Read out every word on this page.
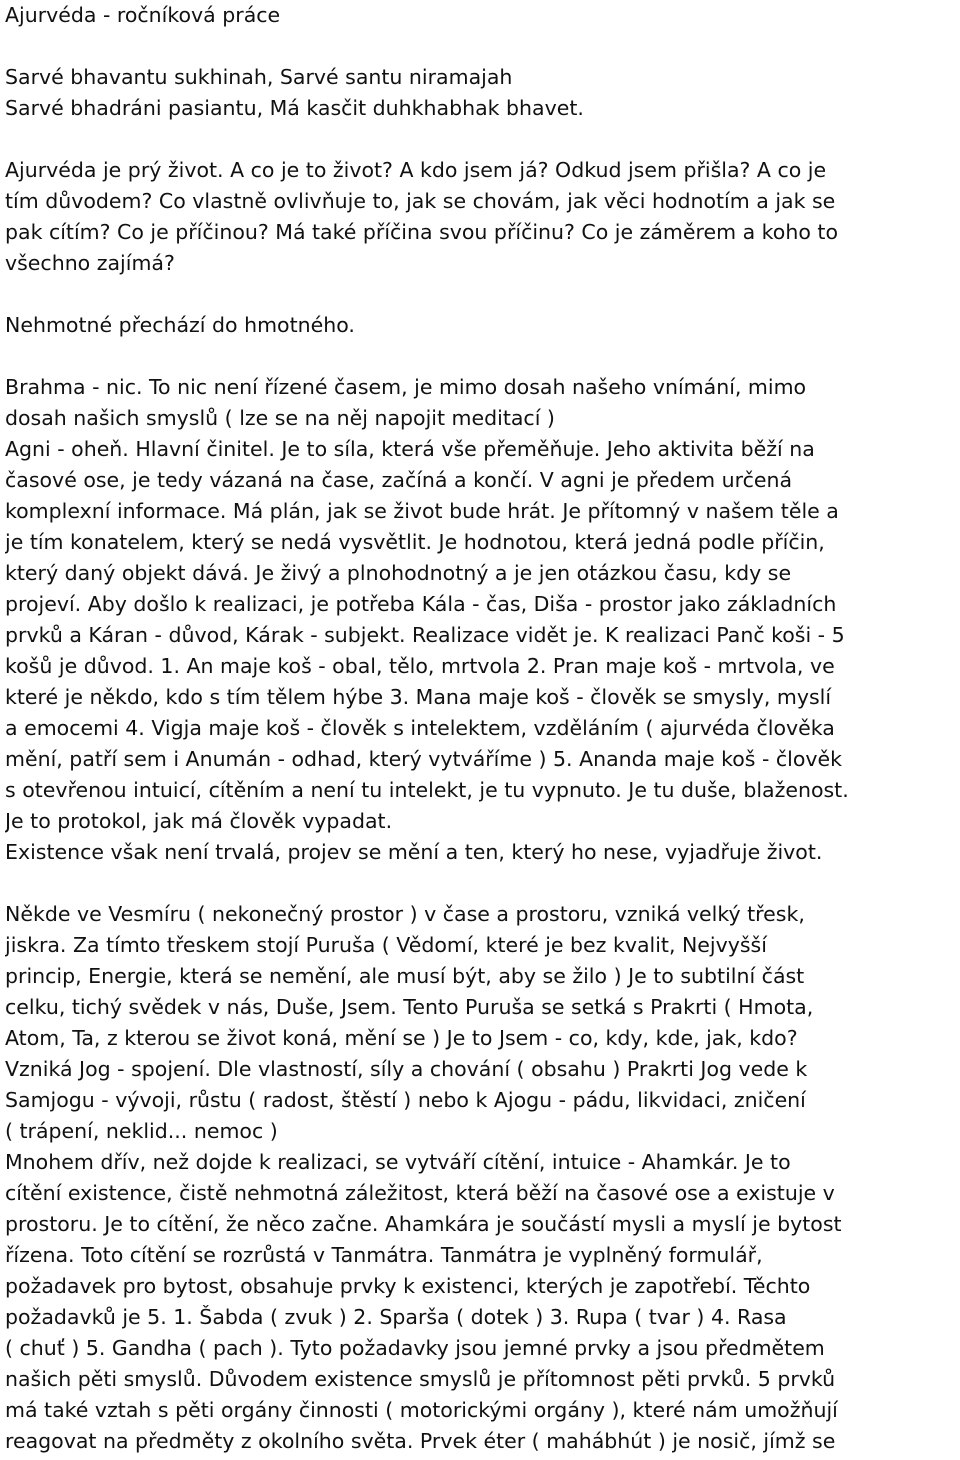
Ajurvéda - ročníková práce
Sarvé bhavantu sukhinah, Sarvé santu niramajah
Sarvé bhadráni pasiantu, Má kasčit duhkhabhak bhavet.
Ajurvéda je prý život. A co je to život? A kdo jsem já? Odkud jsem přišla? A co je
tím důvodem? Co vlastně ovlivňuje to, jak se chovám, jak věci hodnotím a jak se
pak cítím? Co je příčinou? Má také příčina svou příčinu? Co je záměrem a koho to
všechno zajímá?
Nehmotné přechází do hmotného.
Brahma - nic. To nic není řízené časem, je mimo dosah našeho vnímání, mimo
dosah našich smyslů ( lze se na něj napojit meditací )
Agni - oheň. Hlavní činitel. Je to síla, která vše přeměňuje. Jeho aktivita běží na
časové ose, je tedy vázaná na čase, začíná a končí. V agni je předem určená
komplexní informace. Má plán, jak se život bude hrát. Je přítomný v našem těle a
je tím konatelem, který se nedá vysvětlit. Je hodnotou, která jedná podle příčin,
který daný objekt dává. Je živý a plnohodnotný a je jen otázkou času, kdy se
projeví. Aby došlo k realizaci, je potřeba Kála - čas, Diša - prostor jako základních
prvků a Káran - důvod, Kárak - subjekt. Realizace vidět je. K realizaci Panč koši - 5
košů je důvod. 1. An maje koš - obal, tělo, mrtvola 2. Pran maje koš - mrtvola, ve
které je někdo, kdo s tím tělem hýbe 3. Mana maje koš - člověk se smysly, myslí
a emocemi 4. Vigja maje koš - člověk s intelektem, vzděláním ( ajurvéda člověka
mění, patří sem i Anumán - odhad, který vytváříme ) 5. Ananda maje koš - člověk
s otevřenou intuicí, cítěním a není tu intelekt, je tu vypnuto. Je tu duše, blaženost.
Je to protokol, jak má člověk vypadat.
Existence však není trvalá, projev se mění a ten, který ho nese, vyjadřuje život.
Někde ve Vesmíru ( nekonečný prostor ) v čase a prostoru, vzniká velký třesk,
jiskra. Za tímto třeskem stojí Puruša ( Vědomí, které je bez kvalit, Nejvyšší
princip, Energie, která se nemění, ale musí být, aby se žilo ) Je to subtilní část
celku, tichý svědek v nás, Duše, Jsem. Tento Puruša se setká s Prakrti ( Hmota,
Atom, Ta, z kterou se život koná, mění se ) Je to Jsem - co, kdy, kde, jak, kdo?
Vzniká Jog - spojení. Dle vlastností, síly a chování ( obsahu ) Prakrti Jog vede k
Samjogu - vývoji, růstu ( radost, štěstí ) nebo k Ajogu - pádu, likvidaci, zničení
( trápení, neklid... nemoc )
Mnohem dřív, než dojde k realizaci, se vytváří cítění, intuice - Ahamkár. Je to
cítění existence, čistě nehmotná záležitost, která běží na časové ose a existuje v
prostoru. Je to cítění, že něco začne. Ahamkára je součástí mysli a myslí je bytost
řízena. Toto cítění se rozrůstá v Tanmátra. Tanmátra je vyplněný formulář,
požadavek pro bytost, obsahuje prvky k existenci, kterých je zapotřebí. Těchto
požadavků je 5. 1. Šabda ( zvuk ) 2. Sparša ( dotek ) 3. Rupa ( tvar ) 4. Rasa
( chuť ) 5. Gandha ( pach ). Tyto požadavky jsou jemné prvky a jsou předmětem
našich pěti smyslů. Důvodem existence smyslů je přítomnost pěti prvků. 5 prvků
má také vztah s pěti orgány činnosti ( motorickými orgány ), které nám umožňují
reagovat na předměty z okolního světa. Prvek éter ( mahábhút ) je nosič, jímž se
